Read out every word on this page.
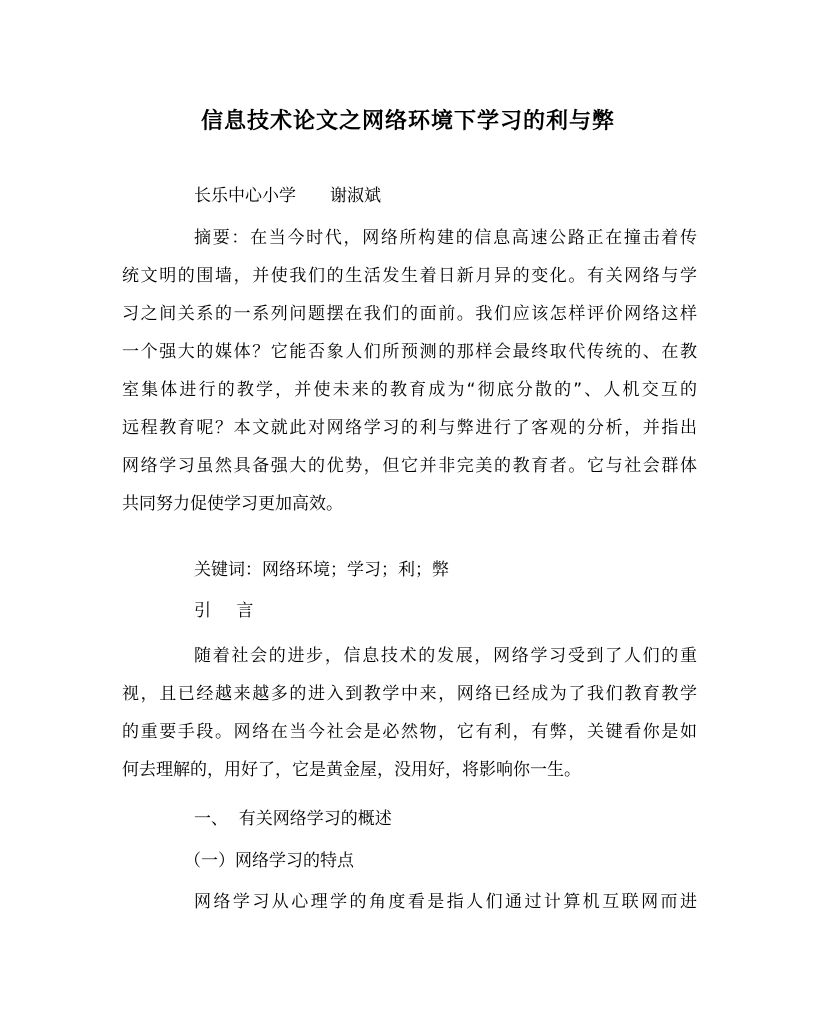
信息技术论文之网络环境下学习的利与弊
长乐中心小学 谢淑斌
摘要：在当今时代，网络所构建的信息高速公路正在撞击着传
统文明的围墙，并使我们的生活发生着日新月异的变化。有关网络与学
习之间关系的一系列问题摆在我们的面前。我们应该怎样评价网络这样
一个强大的媒体？它能否象人们所预测的那样会最终取代传统的、在教
室集体进行的教学，并使未来的教育成为“彻底分散的”、人机交互的
远程教育呢？本文就此对网络学习的利与弊进行了客观的分析，并指出
网络学习虽然具备强大的优势，但它并非完美的教育者。它与社会群体
共同努力促使学习更加高效。
关键词：网络环境；学习；利；弊
引 言
随着社会的进步，信息技术的发展，网络学习受到了人们的重
视，且已经越来越多的进入到教学中来，网络已经成为了我们教育教学
的重要手段。网络在当今社会是必然物，它有利，有弊，关键看你是如
何去理解的，用好了，它是黄金屋，没用好，将影响你一生。
一、  有关网络学习的概述
（一）网络学习的特点
网络学习从心理学的角度看是指人们通过计算机互联网而进
